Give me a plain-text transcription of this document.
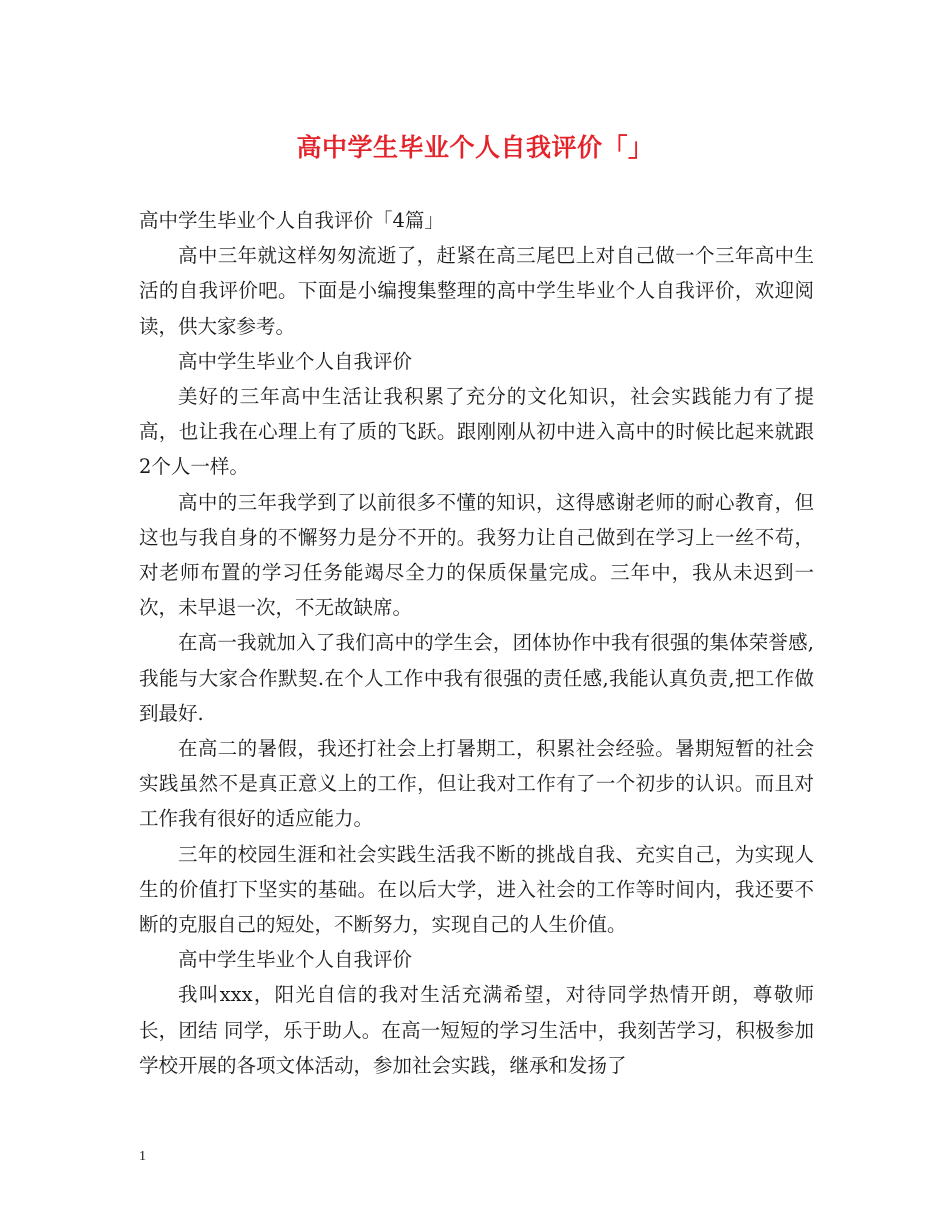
高中学生毕业个人自我评价「」

高中学生毕业个人自我评价「4篇」

高中三年就这样匆匆流逝了，赶紧在高三尾巴上对自己做一个三年高中生活的自我评价吧。下面是小编搜集整理的高中学生毕业个人自我评价，欢迎阅读，供大家参考。

高中学生毕业个人自我评价

美好的三年高中生活让我积累了充分的文化知识，社会实践能力有了提高，也让我在心理上有了质的飞跃。跟刚刚从初中进入高中的时候比起来就跟2个人一样。

高中的三年我学到了以前很多不懂的知识，这得感谢老师的耐心教育，但这也与我自身的不懈努力是分不开的。我努力让自己做到在学习上一丝不苟，对老师布置的学习任务能竭尽全力的保质保量完成。三年中，我从未迟到一次，未早退一次，不无故缺席。

在高一我就加入了我们高中的学生会，团体协作中我有很强的集体荣誉感,我能与大家合作默契.在个人工作中我有很强的责任感,我能认真负责,把工作做到最好.

在高二的暑假，我还打社会上打暑期工，积累社会经验。暑期短暂的社会实践虽然不是真正意义上的工作，但让我对工作有了一个初步的认识。而且对工作我有很好的适应能力。

三年的校园生涯和社会实践生活我不断的挑战自我、充实自己，为实现人生的价值打下坚实的基础。在以后大学，进入社会的工作等时间内，我还要不断的克服自己的短处，不断努力，实现自己的人生价值。

高中学生毕业个人自我评价

我叫xxx，阳光自信的我对生活充满希望，对待同学热情开朗，尊敬师长，团结 同学，乐于助人。在高一短短的学习生活中，我刻苦学习，积极参加学校开展的各项文体活动，参加社会实践，继承和发扬了

1
